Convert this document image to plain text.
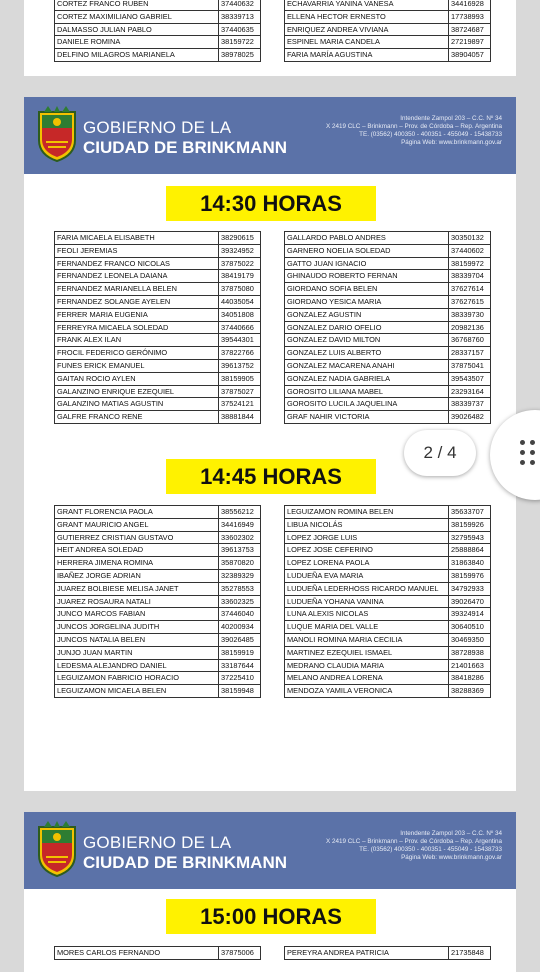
CORTEZ FRANCO RUBEN	37440632
CORTEZ MAXIMILIANO GABRIEL	38339713
DALMASSO JULIAN PABLO	37440635
DANIELE ROMINA	38159722
DELFINO MILAGROS MARIANELA	38978025
ECHAVARRIA YANINA VANESA	34416928
ELLENA HECTOR ERNESTO	17738993
ENRIQUEZ ANDREA VIVIANA	38724687
ESPINEL MARIA CANDELA	27219897
FARIA MARÍA AGUSTINA	38904057
GOBIERNO DE LA
CIUDAD DE BRINKMANN
Intendente Zampol 203 – C.C. Nº 34
X 2419 CLC – Brinkmann – Prov. de Córdoba – Rep. Argentina
TE. (03562) 400350 - 400351 - 455049 - 15438733
Página Web: www.brinkmann.gov.ar
14:30 HORAS
FARIA MICAELA ELISABETH	38290615
FEOLI JEREMIAS	39324952
FERNANDEZ FRANCO NICOLAS	37875022
FERNANDEZ LEONELA DAIANA	38419179
FERNANDEZ MARIANELLA BELEN	37875080
FERNANDEZ SOLANGE AYELEN	44035054
FERRER MARIA EUGENIA	34051808
FERREYRA MICAELA SOLEDAD	37440666
FRANK ALEX ILAN	39544301
FROCIL FEDERICO GERÓNIMO	37822766
FUNES ERICK EMANUEL	39613752
GAITAN ROCIO AYLEN	38159905
GALANZINO ENRIQUE EZEQUIEL	37875027
GALANZINO MATIAS AGUSTIN	37524121
GALFRE FRANCO RENE	38881844
GALLARDO PABLO ANDRES	30350132
GARNERO NOELIA SOLEDAD	37440602
GATTO JUAN IGNACIO	38159972
GHINAUDO ROBERTO FERNAN	38339704
GIORDANO SOFIA BELEN	37627614
GIORDANO YESICA MARIA	37627615
GONZALEZ AGUSTIN	38339730
GONZALEZ DARIO OFELIO	20982136
GONZALEZ DAVID MILTON	36768760
GONZALEZ LUIS ALBERTO	28337157
GONZALEZ MACARENA ANAHI	37875041
GONZALEZ NADIA GABRIELA	39543507
GOROSITO LILIANA MABEL	23293164
GOROSITO LUCILA JAQUELINA	38339737
GRAF NAHIR VICTORIA	39026482
14:45 HORAS
GRANT FLORENCIA PAOLA	38556212
GRANT MAURICIO ANGEL	34416949
GUTIERREZ CRISTIAN GUSTAVO	33602302
HEIT ANDREA SOLEDAD	39613753
HERRERA JIMENA ROMINA	35870820
IBAÑEZ JORGE ADRIAN	32389329
JUAREZ BOLBIESE MELISA JANET	35278553
JUAREZ ROSAURA NATALI	33602325
JUNCO MARCOS FABIAN	37446040
JUNCOS JORGELINA JUDITH	40200934
JUNCOS NATALIA BELEN	39026485
JUNJO JUAN MARTIN	38159919
LEDESMA ALEJANDRO DANIEL	33187644
LEGUIZAMON FABRICIO HORACIO	37225410
LEGUIZAMON MICAELA BELEN	38159948
LEGUIZAMON ROMINA BELEN	35633707
LIBUA NICOLÁS	38159926
LOPEZ JORGE LUIS	32795943
LOPEZ JOSE CEFERINO	25888864
LOPEZ LORENA PAOLA	31863840
LUDUEÑA EVA MARIA	38159976
LUDUEÑA LEDERHOSS RICARDO MANUEL	34792933
LUDUEÑA YOHANA VANINA	39026470
LUNA ALEXIS NICOLAS	39324914
LUQUE MARIA DEL VALLE	30640510
MANOLI ROMINA MARIA CECILIA	30469350
MARTINEZ EZEQUIEL ISMAEL	38728938
MEDRANO CLAUDIA MARIA	21401663
MELANO ANDREA LORENA	38418286
MENDOZA YAMILA VERONICA	38288369
GOBIERNO DE LA
CIUDAD DE BRINKMANN
Intendente Zampol 203 – C.C. Nº 34
X 2419 CLC – Brinkmann – Prov. de Córdoba – Rep. Argentina
TE. (03562) 400350 - 400351 - 455049 - 15438733
Página Web: www.brinkmann.gov.ar
15:00 HORAS
MORES CARLOS FERNANDO	37875006	PEREYRA ANDREA PATRICIA	21735848
2 / 4
